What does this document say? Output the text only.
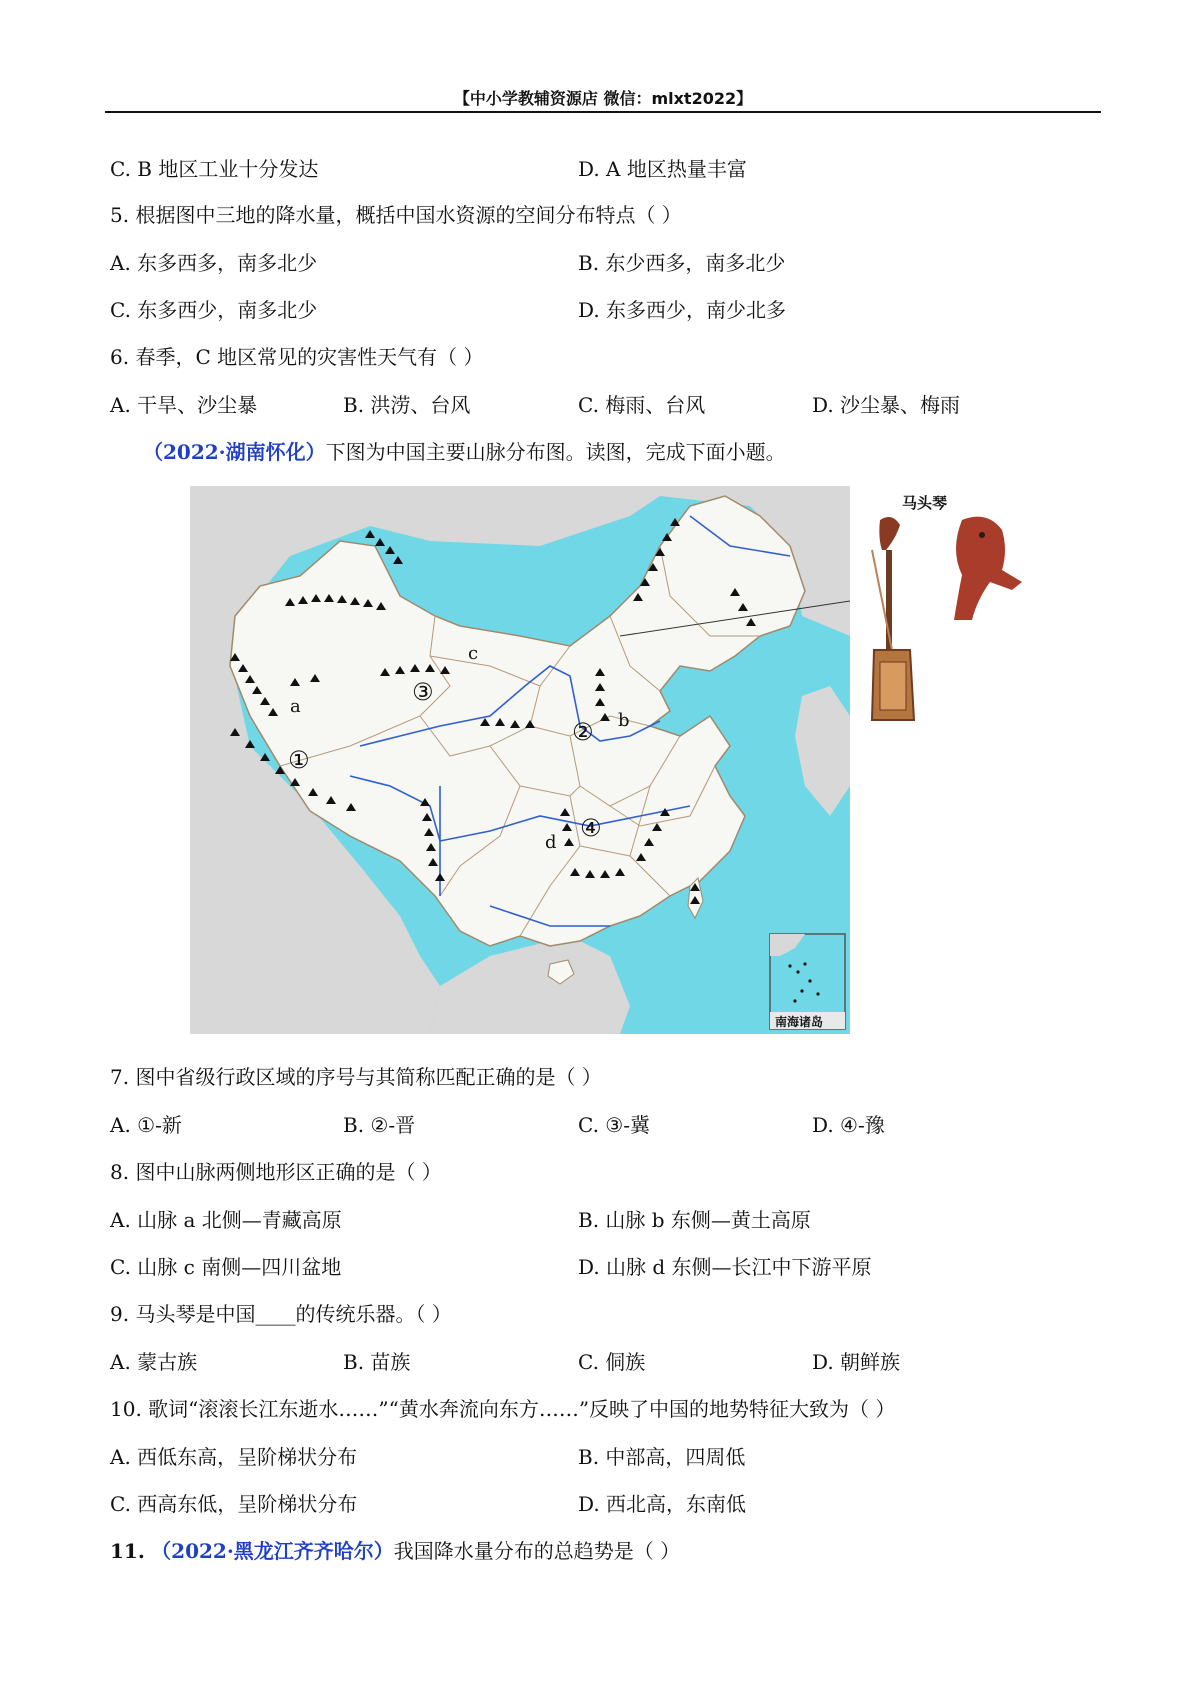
【中小学教辅资源店 微信：mlxt2022】
C. B 地区工业十分发达	D. A 地区热量丰富
5. 根据图中三地的降水量，概括中国水资源的空间分布特点（ ）
A. 东多西多，南多北少	B. 东少西多，南多北少
C. 东多西少，南多北少	D. 东多西少，南少北多
6. 春季，C 地区常见的灾害性天气有（ ）
A. 干旱、沙尘暴	B. 洪涝、台风	C. 梅雨、台风	D. 沙尘暴、梅雨
（2022·湖南怀化）下图为中国主要山脉分布图。读图，完成下面小题。
a
b
c
d
①
②
③
④
南海诸岛
马头琴
7. 图中省级行政区域的序号与其简称匹配正确的是（ ）
A. ①-新	B. ②-晋	C. ③-冀	D. ④-豫
8. 图中山脉两侧地形区正确的是（ ）
A. 山脉 a 北侧—青藏高原	B. 山脉 b 东侧—黄土高原
C. 山脉 c 南侧—四川盆地	D. 山脉 d 东侧—长江中下游平原
9. 马头琴是中国____的传统乐器。（ ）
A. 蒙古族	B. 苗族	C. 侗族	D. 朝鲜族
10. 歌词“滚滚长江东逝水……”“黄水奔流向东方……”反映了中国的地势特征大致为（ ）
A. 西低东高，呈阶梯状分布	B. 中部高，四周低
C. 西高东低，呈阶梯状分布	D. 西北高，东南低
11. （2022·黑龙江齐齐哈尔）我国降水量分布的总趋势是（ ）
